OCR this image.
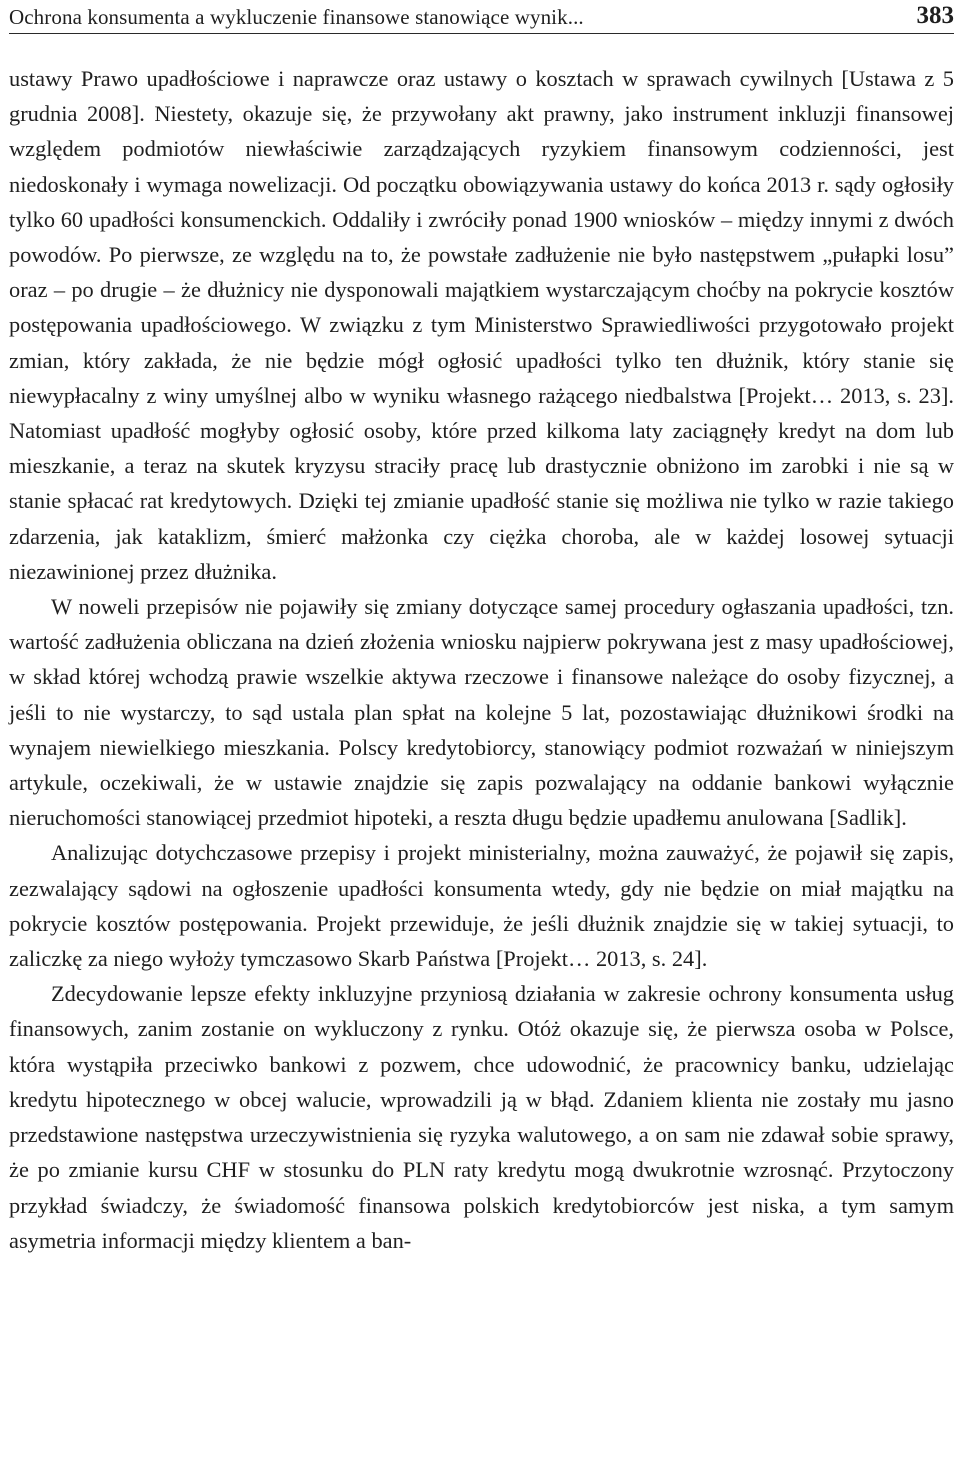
Ochrona konsumenta a wykluczenie finansowe stanowiące wynik...	383

ustawy Prawo upadłościowe i naprawcze oraz ustawy o kosztach w sprawach cywilnych [Ustawa z 5 grudnia 2008]. Niestety, okazuje się, że przywołany akt prawny, jako instrument inkluzji finansowej względem podmiotów niewłaściwie zarządzających ryzykiem finansowym codzienności, jest niedoskonały i wymaga nowelizacji. Od początku obowiązywania ustawy do końca 2013 r. sądy ogłosiły tylko 60 upadłości konsumenckich. Oddaliły i zwróciły ponad 1900 wniosków – między innymi z dwóch powodów. Po pierwsze, ze względu na to, że powstałe zadłużenie nie było następstwem „pułapki losu” oraz – po drugie – że dłużnicy nie dysponowali majątkiem wystarczającym choćby na pokrycie kosztów postępowania upadłościowego. W związku z tym Ministerstwo Sprawiedliwości przygotowało projekt zmian, który zakłada, że nie będzie mógł ogłosić upadłości tylko ten dłużnik, który stanie się niewypłacalny z winy umyślnej albo w wyniku własnego rażącego niedbalstwa [Projekt… 2013, s. 23]. Natomiast upadłość mogłyby ogłosić osoby, które przed kilkoma laty zaciągnęły kredyt na dom lub mieszkanie, a teraz na skutek kryzysu straciły pracę lub drastycznie obniżono im zarobki i nie są w stanie spłacać rat kredytowych. Dzięki tej zmianie upadłość stanie się możliwa nie tylko w razie takiego zdarzenia, jak kataklizm, śmierć małżonka czy ciężka choroba, ale w każdej losowej sytuacji niezawinionej przez dłużnika.

W noweli przepisów nie pojawiły się zmiany dotyczące samej procedury ogłaszania upadłości, tzn. wartość zadłużenia obliczana na dzień złożenia wniosku najpierw pokrywana jest z masy upadłościowej, w skład której wchodzą prawie wszelkie aktywa rzeczowe i finansowe należące do osoby fizycznej, a jeśli to nie wystarczy, to sąd ustala plan spłat na kolejne 5 lat, pozostawiając dłużnikowi środki na wynajem niewielkiego mieszkania. Polscy kredytobiorcy, stanowiący podmiot rozważań w niniejszym artykule, oczekiwali, że w ustawie znajdzie się zapis pozwalający na oddanie bankowi wyłącznie nieruchomości stanowiącej przedmiot hipoteki, a reszta długu będzie upadłemu anulowana [Sadlik].

Analizując dotychczasowe przepisy i projekt ministerialny, można zauważyć, że pojawił się zapis, zezwalający sądowi na ogłoszenie upadłości konsumenta wtedy, gdy nie będzie on miał majątku na pokrycie kosztów postępowania. Projekt przewiduje, że jeśli dłużnik znajdzie się w takiej sytuacji, to zaliczkę za niego wyłoży tymczasowo Skarb Państwa [Projekt… 2013, s. 24].

Zdecydowanie lepsze efekty inkluzyjne przyniosą działania w zakresie ochrony konsumenta usług finansowych, zanim zostanie on wykluczony z rynku. Otóż okazuje się, że pierwsza osoba w Polsce, która wystąpiła przeciwko bankowi z pozwem, chce udowodnić, że pracownicy banku, udzielając kredytu hipotecznego w obcej walucie, wprowadzili ją w błąd. Zdaniem klienta nie zostały mu jasno przedstawione następstwa urzeczywistnienia się ryzyka walutowego, a on sam nie zdawał sobie sprawy, że po zmianie kursu CHF w stosunku do PLN raty kredytu mogą dwukrotnie wzrosnąć. Przytoczony przykład świadczy, że świadomość finansowa polskich kredytobiorców jest niska, a tym samym asymetria informacji między klientem a ban-
